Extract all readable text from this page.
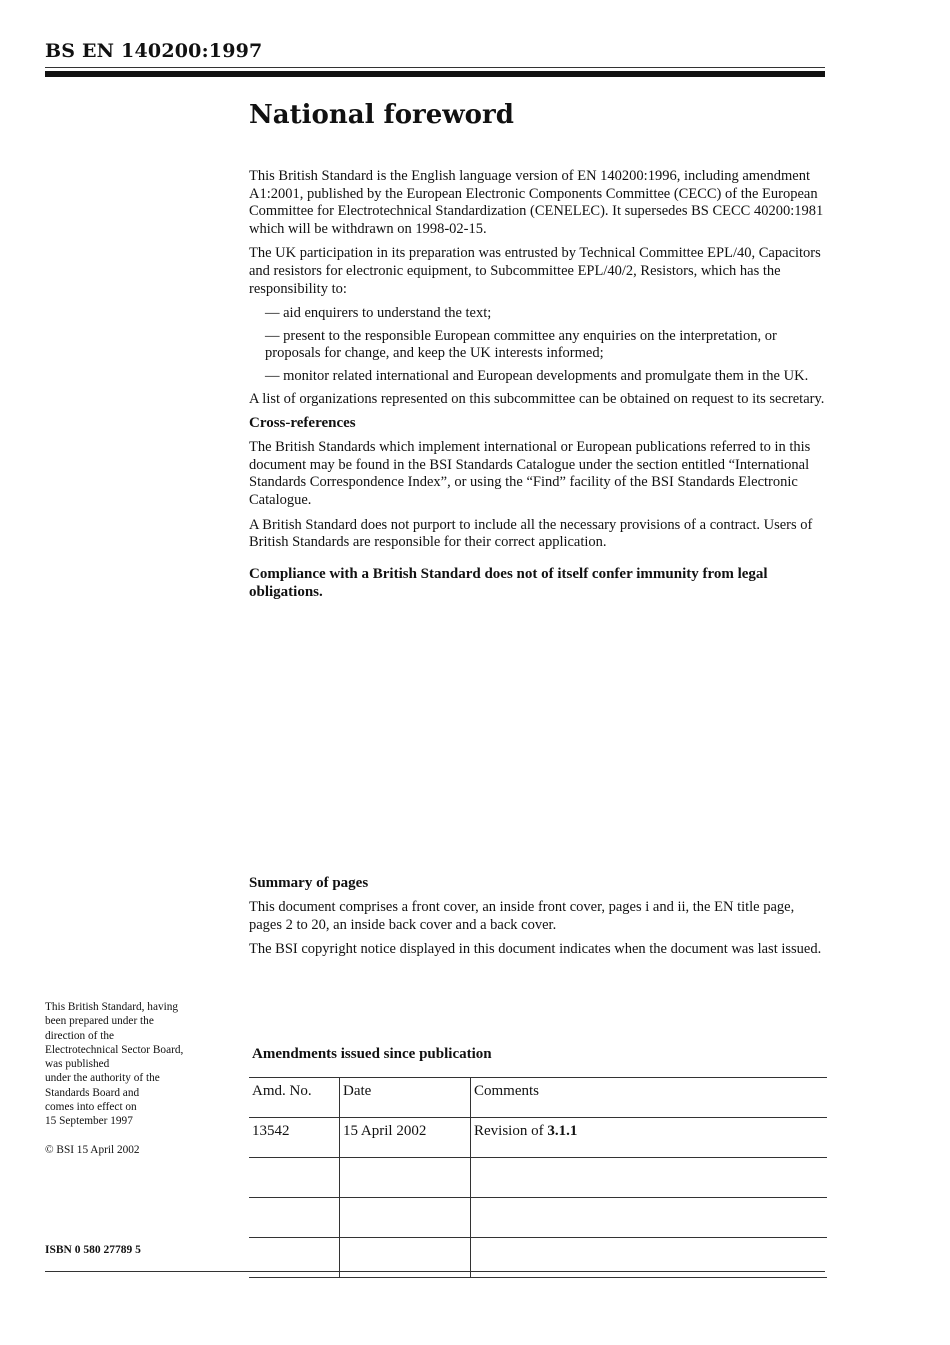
BS EN 140200:1997
National foreword

This British Standard is the English language version of EN 140200:1996, including amendment A1:2001, published by the European Electronic Components Committee (CECC) of the European Committee for Electrotechnical Standardization (CENELEC). It supersedes BS CECC 40200:1981 which will be withdrawn on 1998-02-15.

The UK participation in its preparation was entrusted by Technical Committee EPL/40, Capacitors and resistors for electronic equipment, to Subcommittee EPL/40/2, Resistors, which has the responsibility to:

— aid enquirers to understand the text;
— present to the responsible European committee any enquiries on the interpretation, or proposals for change, and keep the UK interests informed;
— monitor related international and European developments and promulgate them in the UK.

A list of organizations represented on this subcommittee can be obtained on request to its secretary.

Cross-references

The British Standards which implement international or European publications referred to in this document may be found in the BSI Standards Catalogue under the section entitled “International Standards Correspondence Index”, or using the “Find” facility of the BSI Standards Electronic Catalogue.

A British Standard does not purport to include all the necessary provisions of a contract. Users of British Standards are responsible for their correct application.

Compliance with a British Standard does not of itself confer immunity from legal obligations.
Summary of pages

This document comprises a front cover, an inside front cover, pages i and ii, the EN title page, pages 2 to 20, an inside back cover and a back cover.

The BSI copyright notice displayed in this document indicates when the document was last issued.

This British Standard, having
been prepared under the
direction of the
Electrotechnical Sector Board,
was published
under the authority of the
Standards Board and
comes into effect on
15 September 1997
© BSI 15 April 2002
ISBN 0 580 27789 5
Amendments issued since publication
Amd. No.	Date	Comments
13542	15 April 2002	Revision of 3.1.1
